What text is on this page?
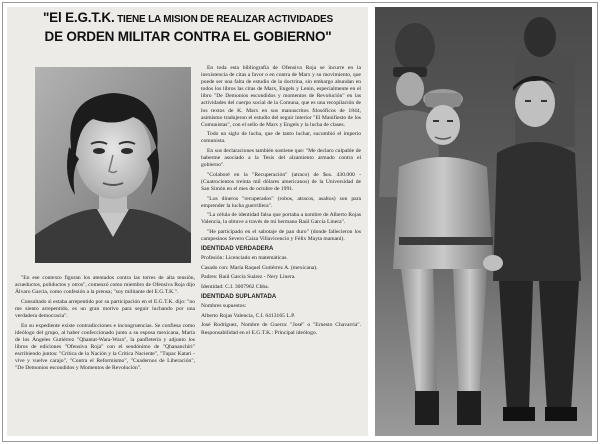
"El E.G.T.K. TIENE LA MISION DE REALIZAR ACTIVIDADES
DE ORDEN MILITAR CONTRA EL GOBIERNO"

En toda esta bibliografía de Ofensiva Roja se incurre en la inexistencia de citas a favor o en contra de Marx y su movimiento, que puede ser una falta de estudio de la doctrina, sin embargo abundan en todos los libros las citas de Marx, Engels y Lenin, especialmente en el libro "De Demonios escondidos y momentos de Revolución" en las actividades del cuerpo social de la Comuna, que es una recopilación de los textos de K. Marx en sus manuscritos filosóficos de 1844, asimismo tradujeron el estudio del seguir interior "El Manifiesto de los Comunistas", con el sello de Marx y Engels y la lucha de clases.

Todo un siglo de lucha, que de tanto luchar, sucumbió el imperio comunista.

En sus declaraciones también sostiene que: "Me declaro culpable de haberme asociado a la Tesis del alzamiento armado contra el gobierno".

"Colaboré en la "Recuperación" (atraco) de $us. 430.000 - (Cuatrocientos treinta mil dólares americanos) de la Universidad de San Simón en el mes de octubre de 1991.

"Los dineros "recuperados" (robos, atracos, asaltos) son para emprender la lucha guerrillera".

"La célula de identidad falsa que portaba a nombre de Alberto Rojas Valencia, la obtuve a través de mi hermano Raúl García Linera".

"He participado en el sabotaje de pan duro" (donde fallecieron los campesinos Severo Caiza Villavicencio y Félix Mayta mamani).

IDENTIDAD VERDADERA

Profesión: Licenciado en matemáticas.

Casado con: María Raquel Gutiérrez A. (mexicana).

Padres: Raúl García Suárez - Nery Linera.

Identidad: C.I. 3007962 Cbba.

IDENTIDAD SUPLANTADA

Nombres supuestos:

Alberto Rojas Valencia, C.I. 6413165 L.P.

José Rodríguez, Nombre de Guerra: "José" o "Ernesto Chavarría". Responsabilidad en el E.G.T.K.: Principal ideólogo.

"En ese contexto figuran los atentados contra las torres de alta tensión, acueductos, poliductos y otros", comenzó como miembro de Ofensiva Roja dijo Álvaro García, como confesión a la prensa; "soy militante del E.G.T.K.".

Consultado si estaba arrepentido por su participación en el E.G.T.K. dijo: "no me siento arrepentido, es un gran motivo para seguir luchando por una verdadera democracia".

En su expediente existe contradicciones e incongruencias. Se confiesa como ideólogo del grupo, al haber confeccionado junto a su esposa mexicana, María de los Ángeles Gutiérrez "Qhantat-Wara-Wara", la panfletería y adjunto los libros de ediciones "Ofensiva Roja" con el seudónimo de "Qhananchiri" escribiendo juntos: "Crítica de la Nación y la Crítica Naciente", "Tupac Katari - vive y vuelve carajo", "Contra el Reformismo", "Cuadernos de Liberación", "De Demonios escondidos y Momentos de Revolución".
